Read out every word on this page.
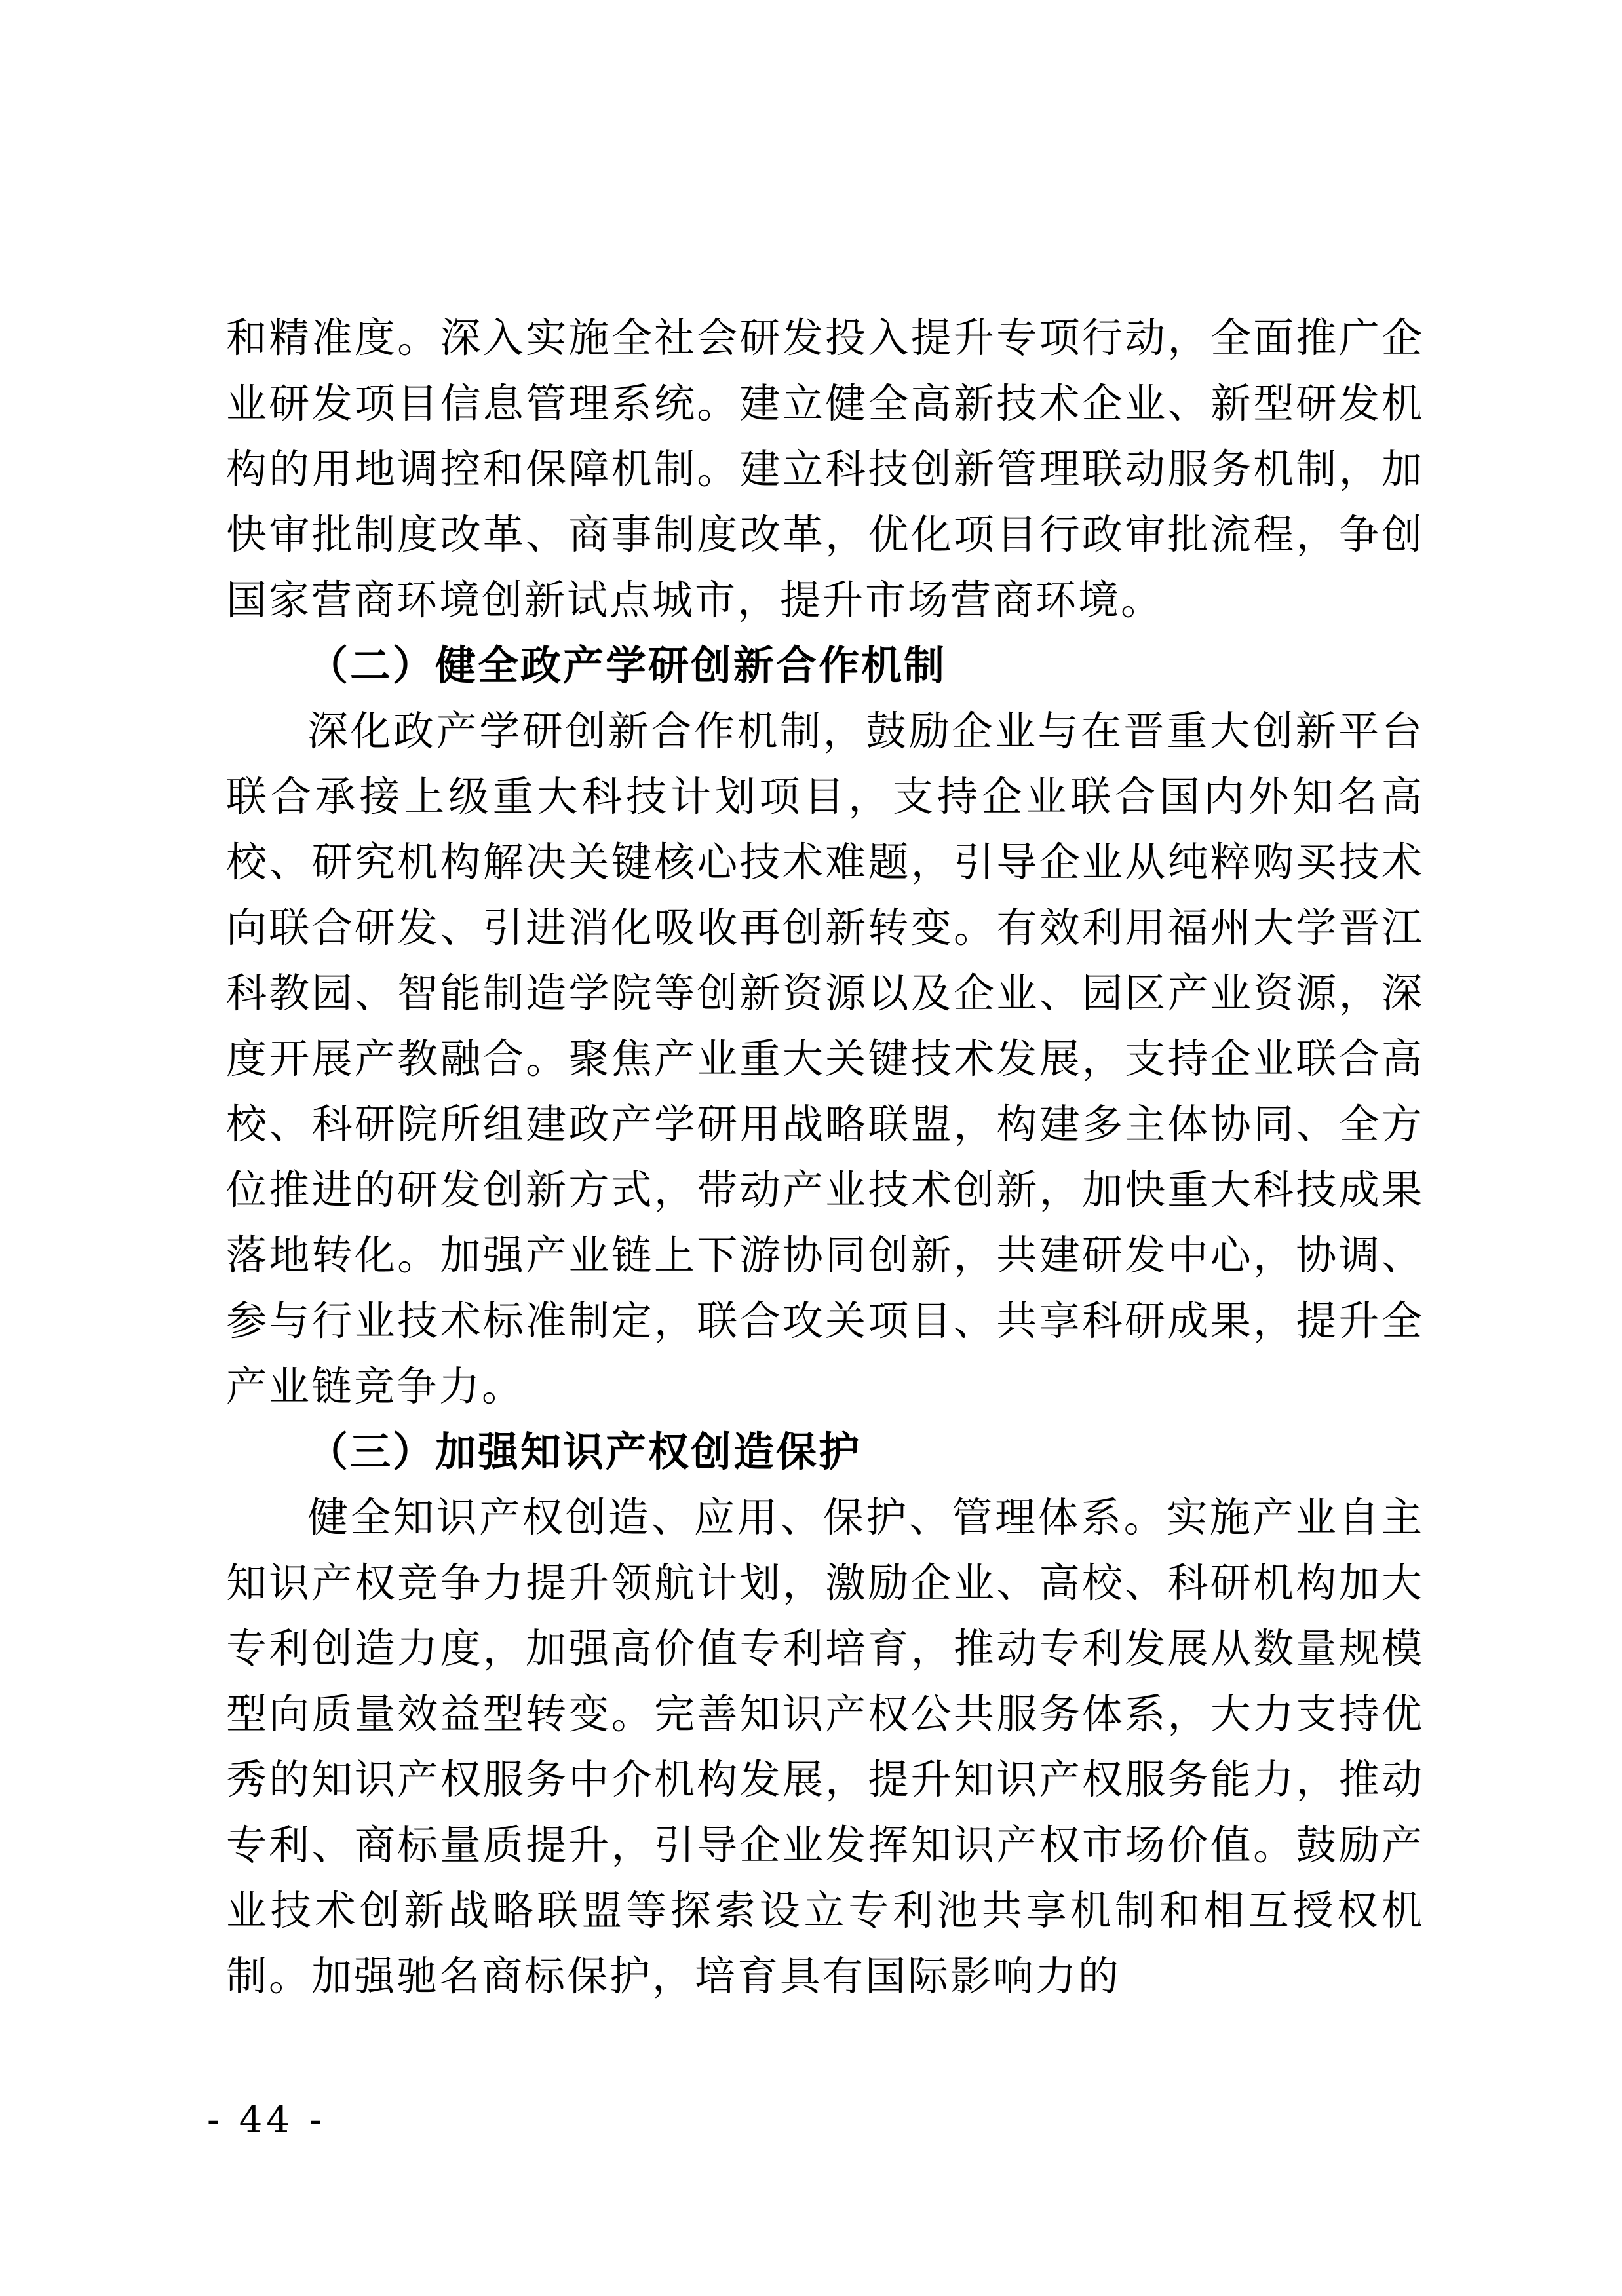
和精准度。深入实施全社会研发投入提升专项行动，全面推广企业研发项目信息管理系统。建立健全高新技术企业、新型研发机构的用地调控和保障机制。建立科技创新管理联动服务机制，加快审批制度改革、商事制度改革，优化项目行政审批流程，争创国家营商环境创新试点城市，提升市场营商环境。

（二）健全政产学研创新合作机制

深化政产学研创新合作机制，鼓励企业与在晋重大创新平台联合承接上级重大科技计划项目，支持企业联合国内外知名高校、研究机构解决关键核心技术难题，引导企业从纯粹购买技术向联合研发、引进消化吸收再创新转变。有效利用福州大学晋江科教园、智能制造学院等创新资源以及企业、园区产业资源，深度开展产教融合。聚焦产业重大关键技术发展，支持企业联合高校、科研院所组建政产学研用战略联盟，构建多主体协同、全方位推进的研发创新方式，带动产业技术创新，加快重大科技成果落地转化。加强产业链上下游协同创新，共建研发中心，协调、参与行业技术标准制定，联合攻关项目、共享科研成果，提升全产业链竞争力。

（三）加强知识产权创造保护

健全知识产权创造、应用、保护、管理体系。实施产业自主知识产权竞争力提升领航计划，激励企业、高校、科研机构加大专利创造力度，加强高价值专利培育，推动专利发展从数量规模型向质量效益型转变。完善知识产权公共服务体系，大力支持优秀的知识产权服务中介机构发展，提升知识产权服务能力，推动专利、商标量质提升，引导企业发挥知识产权市场价值。鼓励产业技术创新战略联盟等探索设立专利池共享机制和相互授权机制。加强驰名商标保护，培育具有国际影响力的

- 44 -
